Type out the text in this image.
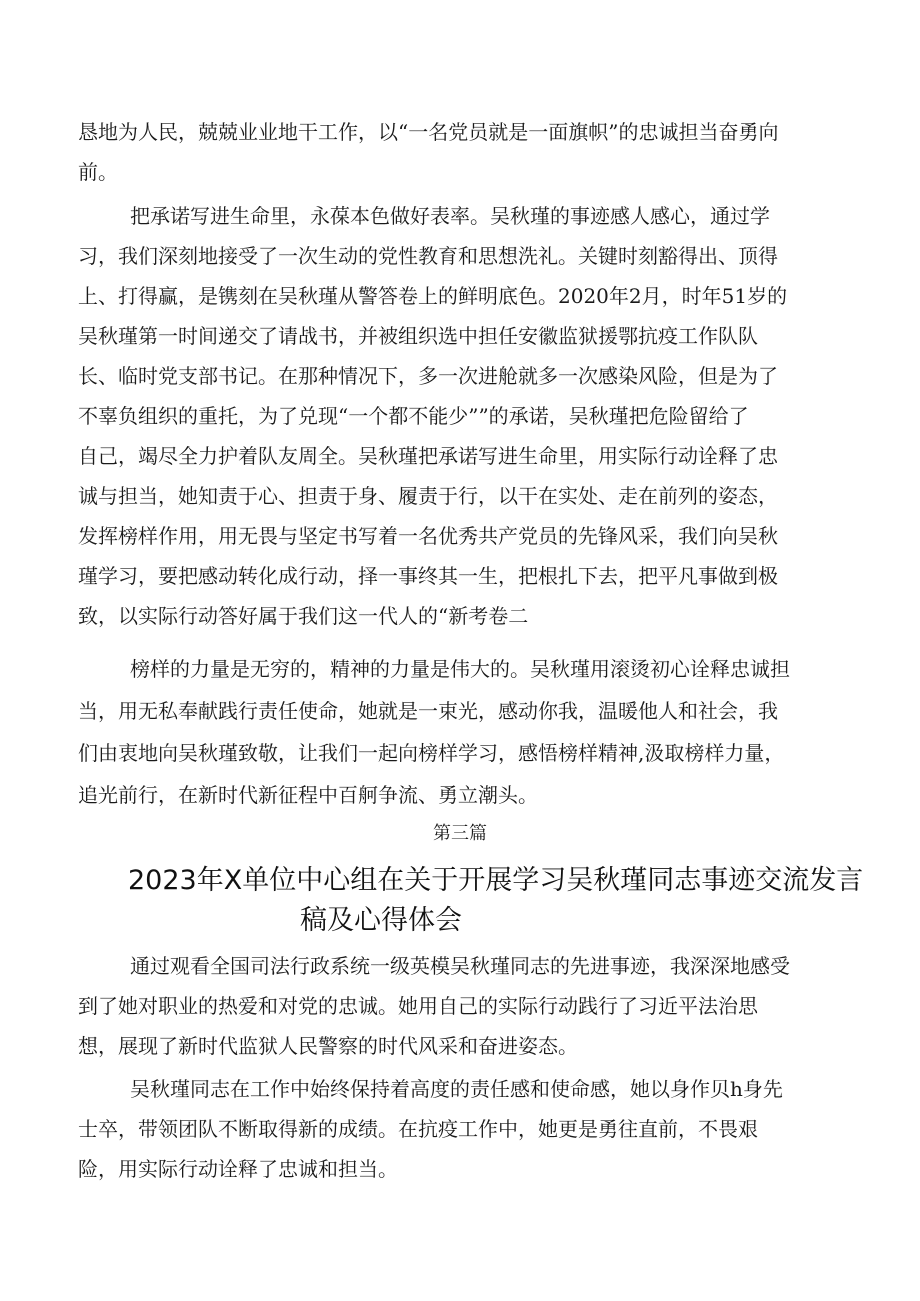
恳地为人民，兢兢业业地干工作，以“一名党员就是一面旗帜”的忠诚担当奋勇向
前。
把承诺写进生命里，永葆本色做好表率。吴秋瑾的事迹感人感心，通过学
习，我们深刻地接受了一次生动的党性教育和思想洗礼。关键时刻豁得出、顶得
上、打得赢，是镌刻在吴秋瑾从警答卷上的鲜明底色。2020年2月，时年51岁的
吴秋瑾第一时间递交了请战书，并被组织选中担任安徽监狱援鄂抗疫工作队队
长、临时党支部书记。在那种情况下，多一次进舱就多一次感染风险，但是为了
不辜负组织的重托，为了兑现“一个都不能少””的承诺，吴秋瑾把危险留给了
自己，竭尽全力护着队友周全。吴秋瑾把承诺写进生命里，用实际行动诠释了忠
诚与担当，她知责于心、担责于身、履责于行，以干在实处、走在前列的姿态，
发挥榜样作用，用无畏与坚定书写着一名优秀共产党员的先锋风采，我们向吴秋
瑾学习，要把感动转化成行动，择一事终其一生，把根扎下去，把平凡事做到极
致，以实际行动答好属于我们这一代人的“新考卷二
榜样的力量是无穷的，精神的力量是伟大的。吴秋瑾用滚烫初心诠释忠诚担
当，用无私奉献践行责任使命，她就是一束光，感动你我，温暖他人和社会，我
们由衷地向吴秋瑾致敬，让我们一起向榜样学习，感悟榜样精神,汲取榜样力量，
追光前行，在新时代新征程中百舸争流、勇立潮头。
第三篇
2023年X单位中心组在关于开展学习吴秋瑾同志事迹交流发言
稿及心得体会
通过观看全国司法行政系统一级英模吴秋瑾同志的先进事迹，我深深地感受
到了她对职业的热爱和对党的忠诚。她用自己的实际行动践行了习近平法治思
想，展现了新时代监狱人民警察的时代风采和奋进姿态。
吴秋瑾同志在工作中始终保持着高度的责任感和使命感，她以身作贝h身先
士卒，带领团队不断取得新的成绩。在抗疫工作中，她更是勇往直前，不畏艰
险，用实际行动诠释了忠诚和担当。
